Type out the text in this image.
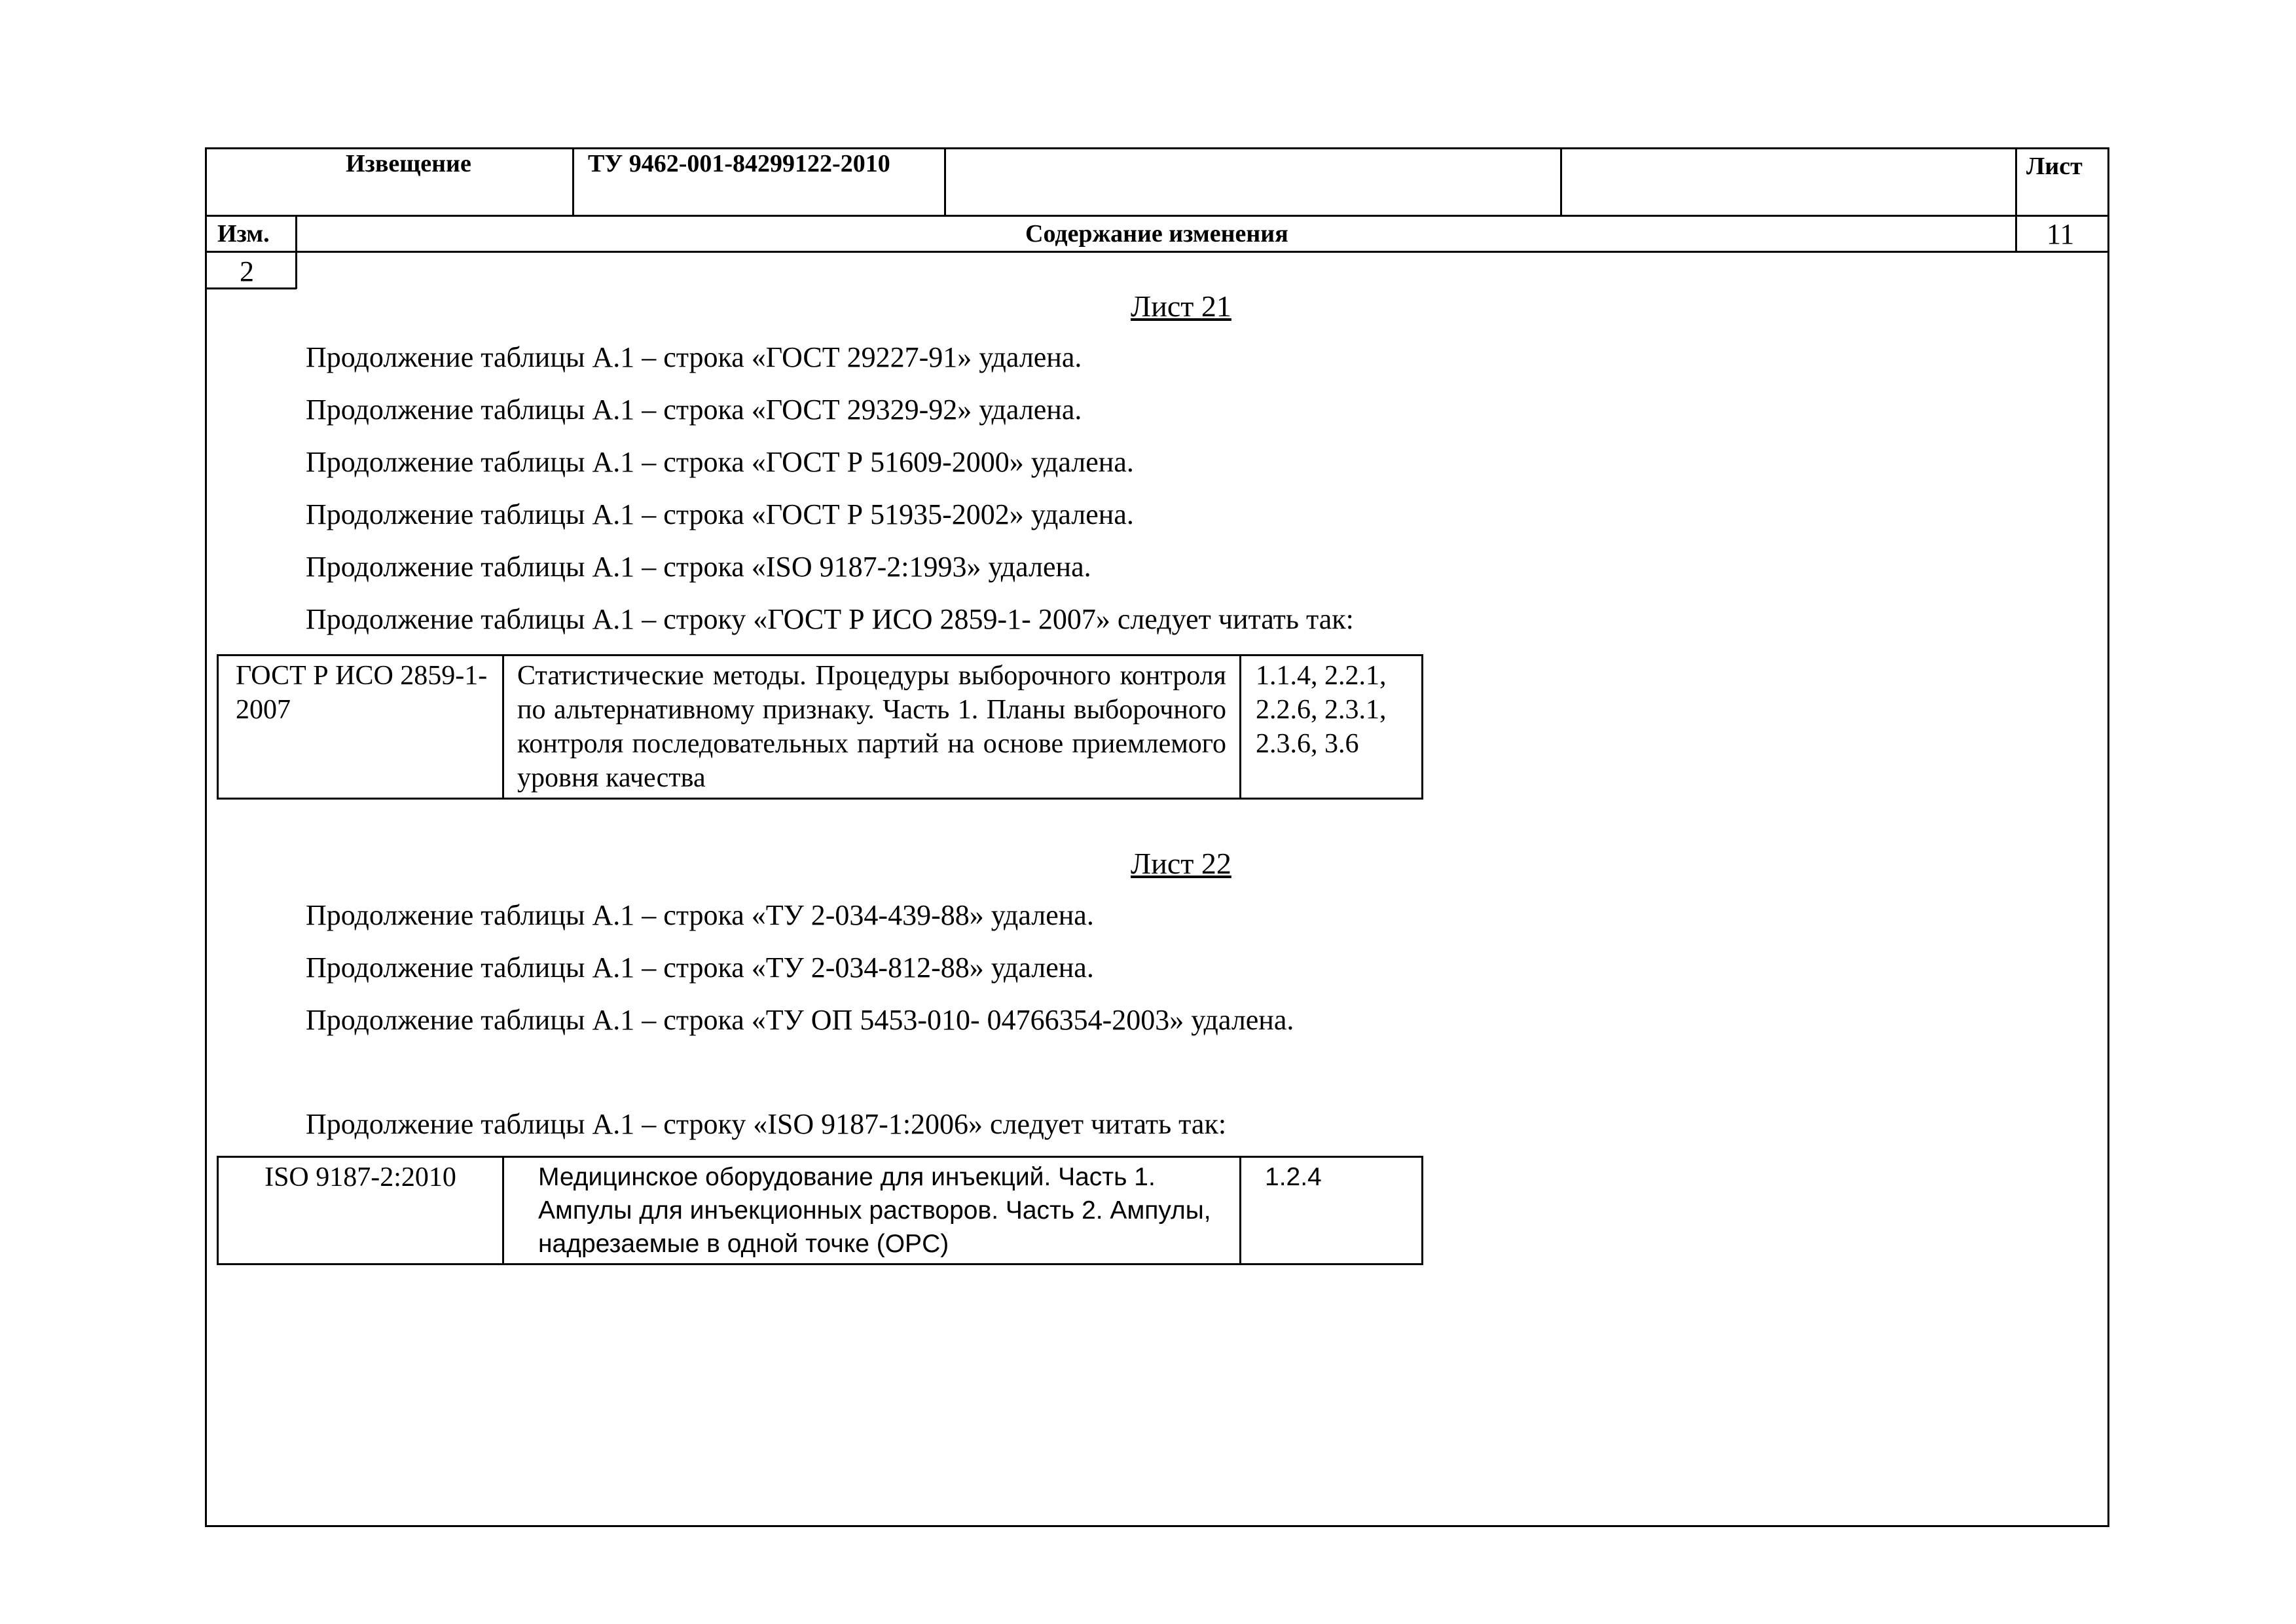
Извещение	ТУ 9462-001-84299122-2010	Лист
Изм.	Содержание изменения	11
2
Лист 21
Продолжение таблицы А.1 – строка «ГОСТ 29227-91» удалена.
Продолжение таблицы А.1 – строка «ГОСТ 29329-92» удалена.
Продолжение таблицы А.1 – строка «ГОСТ Р 51609-2000» удалена.
Продолжение таблицы А.1 – строка «ГОСТ Р 51935-2002» удалена.
Продолжение таблицы А.1 – строка «ISO 9187-2:1993» удалена.
Продолжение таблицы А.1 – строку «ГОСТ Р ИСО 2859-1- 2007» следует читать так:
ГОСТ Р ИСО 2859-1- 2007	Статистические методы. Процедуры выборочного контроля по альтернативному признаку. Часть 1. Планы выборочного контроля последовательных партий на основе приемлемого уровня качества	1.1.4, 2.2.1, 2.2.6, 2.3.1, 2.3.6, 3.6
Лист 22
Продолжение таблицы А.1 – строка «ТУ 2-034-439-88» удалена.
Продолжение таблицы А.1 – строка «ТУ 2-034-812-88» удалена.
Продолжение таблицы А.1 – строка «ТУ ОП 5453-010- 04766354-2003» удалена.
Продолжение таблицы А.1 – строку «ISO 9187-1:2006» следует читать так:
ISO 9187-2:2010	Медицинское оборудование для инъекций. Часть 1. Ампулы для инъекционных растворов. Часть 2. Ампулы, надрезаемые в одной точке (OPC)	1.2.4
